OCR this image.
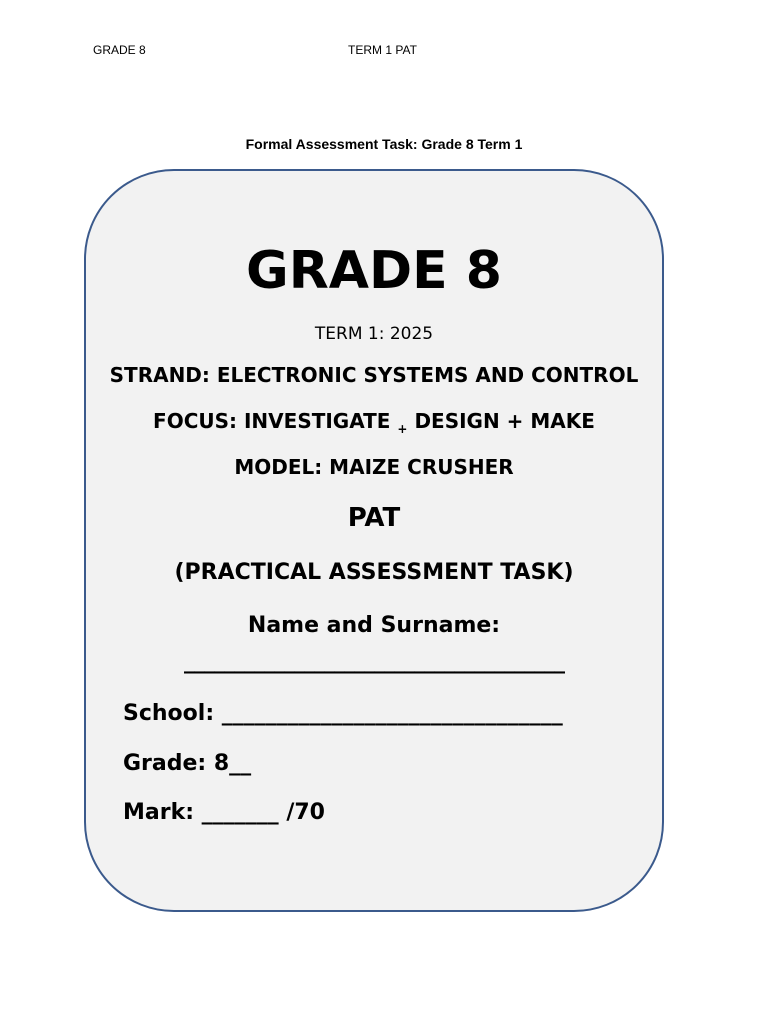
GRADE 8	TERM 1 PAT
Formal Assessment Task: Grade 8 Term 1
GRADE 8
TERM 1: 2025
STRAND: ELECTRONIC SYSTEMS AND CONTROL
FOCUS: INVESTIGATE $_+$ DESIGN + MAKE
MODEL: MAIZE CRUSHER
PAT
(PRACTICAL ASSESSMENT TASK)
Name and Surname:
______________________________________
School: _______________________________
Grade: 8__
Mark: _______ /70
